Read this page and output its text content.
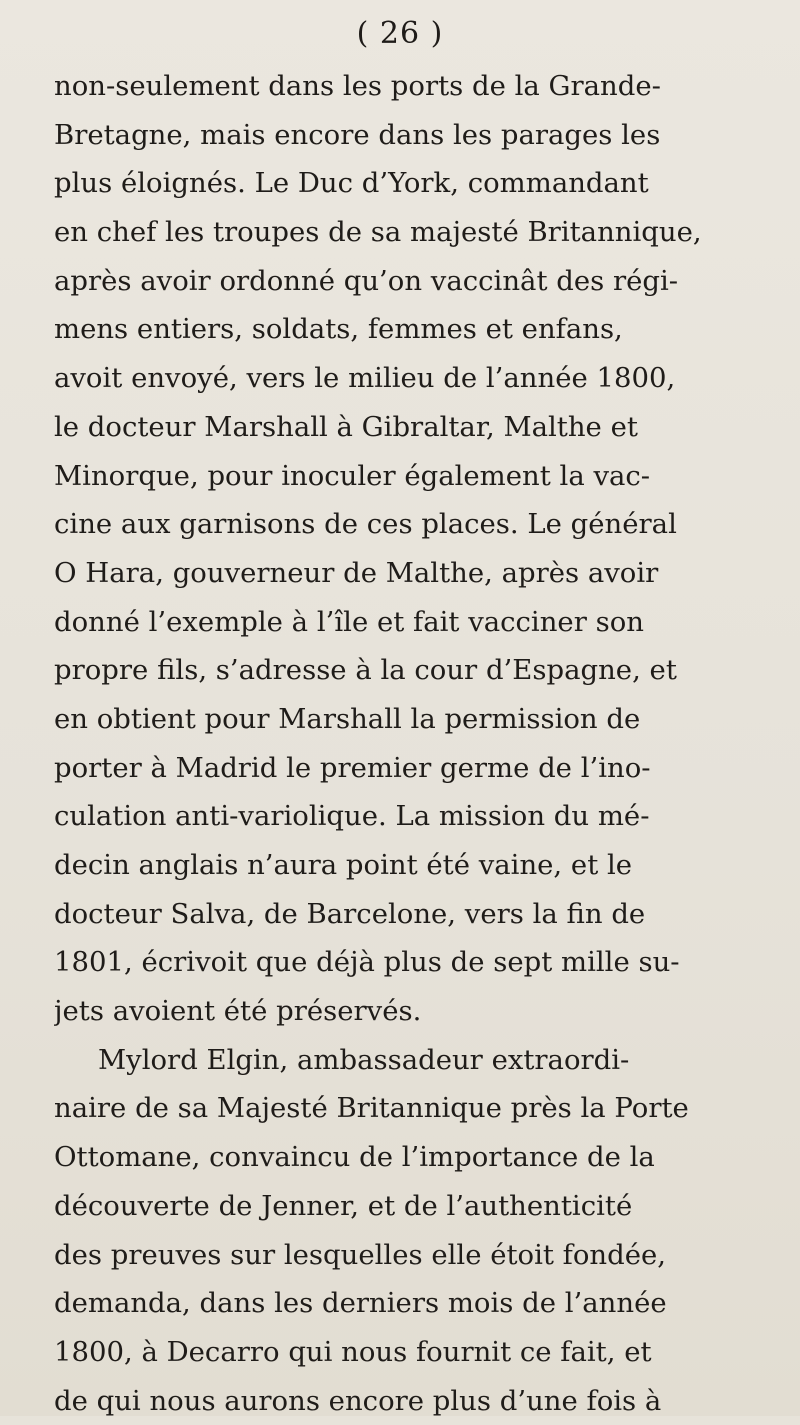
( 26 )
non-seulement dans les ports de la Grande-
Bretagne, mais encore dans les parages les
plus éloignés. Le Duc d’York, commandant
en chef les troupes de sa majesté Britannique,
après avoir ordonné qu’on vaccinât des régi-
mens entiers, soldats, femmes et enfans,
avoit envoyé, vers le milieu de l’année 1800,
le docteur Marshall à Gibraltar, Malthe et
Minorque, pour inoculer également la vac-
cine aux garnisons de ces places. Le général
O Hara, gouverneur de Malthe, après avoir
donné l’exemple à l’île et fait vacciner son
propre fils, s’adresse à la cour d’Espagne, et
en obtient pour Marshall la permission de
porter à Madrid le premier germe de l’ino-
culation anti-variolique. La mission du mé-
decin anglais n’aura point été vaine, et le
docteur Salva, de Barcelone, vers la fin de
1801, écrivoit que déjà plus de sept mille su-
jets avoient été préservés.
Mylord Elgin, ambassadeur extraordi-
naire de sa Majesté Britannique près la Porte
Ottomane, convaincu de l’importance de la
découverte de Jenner, et de l’authenticité
des preuves sur lesquelles elle étoit fondée,
demanda, dans les derniers mois de l’année
1800, à Decarro qui nous fournit ce fait, et
de qui nous aurons encore plus d’une fois à
